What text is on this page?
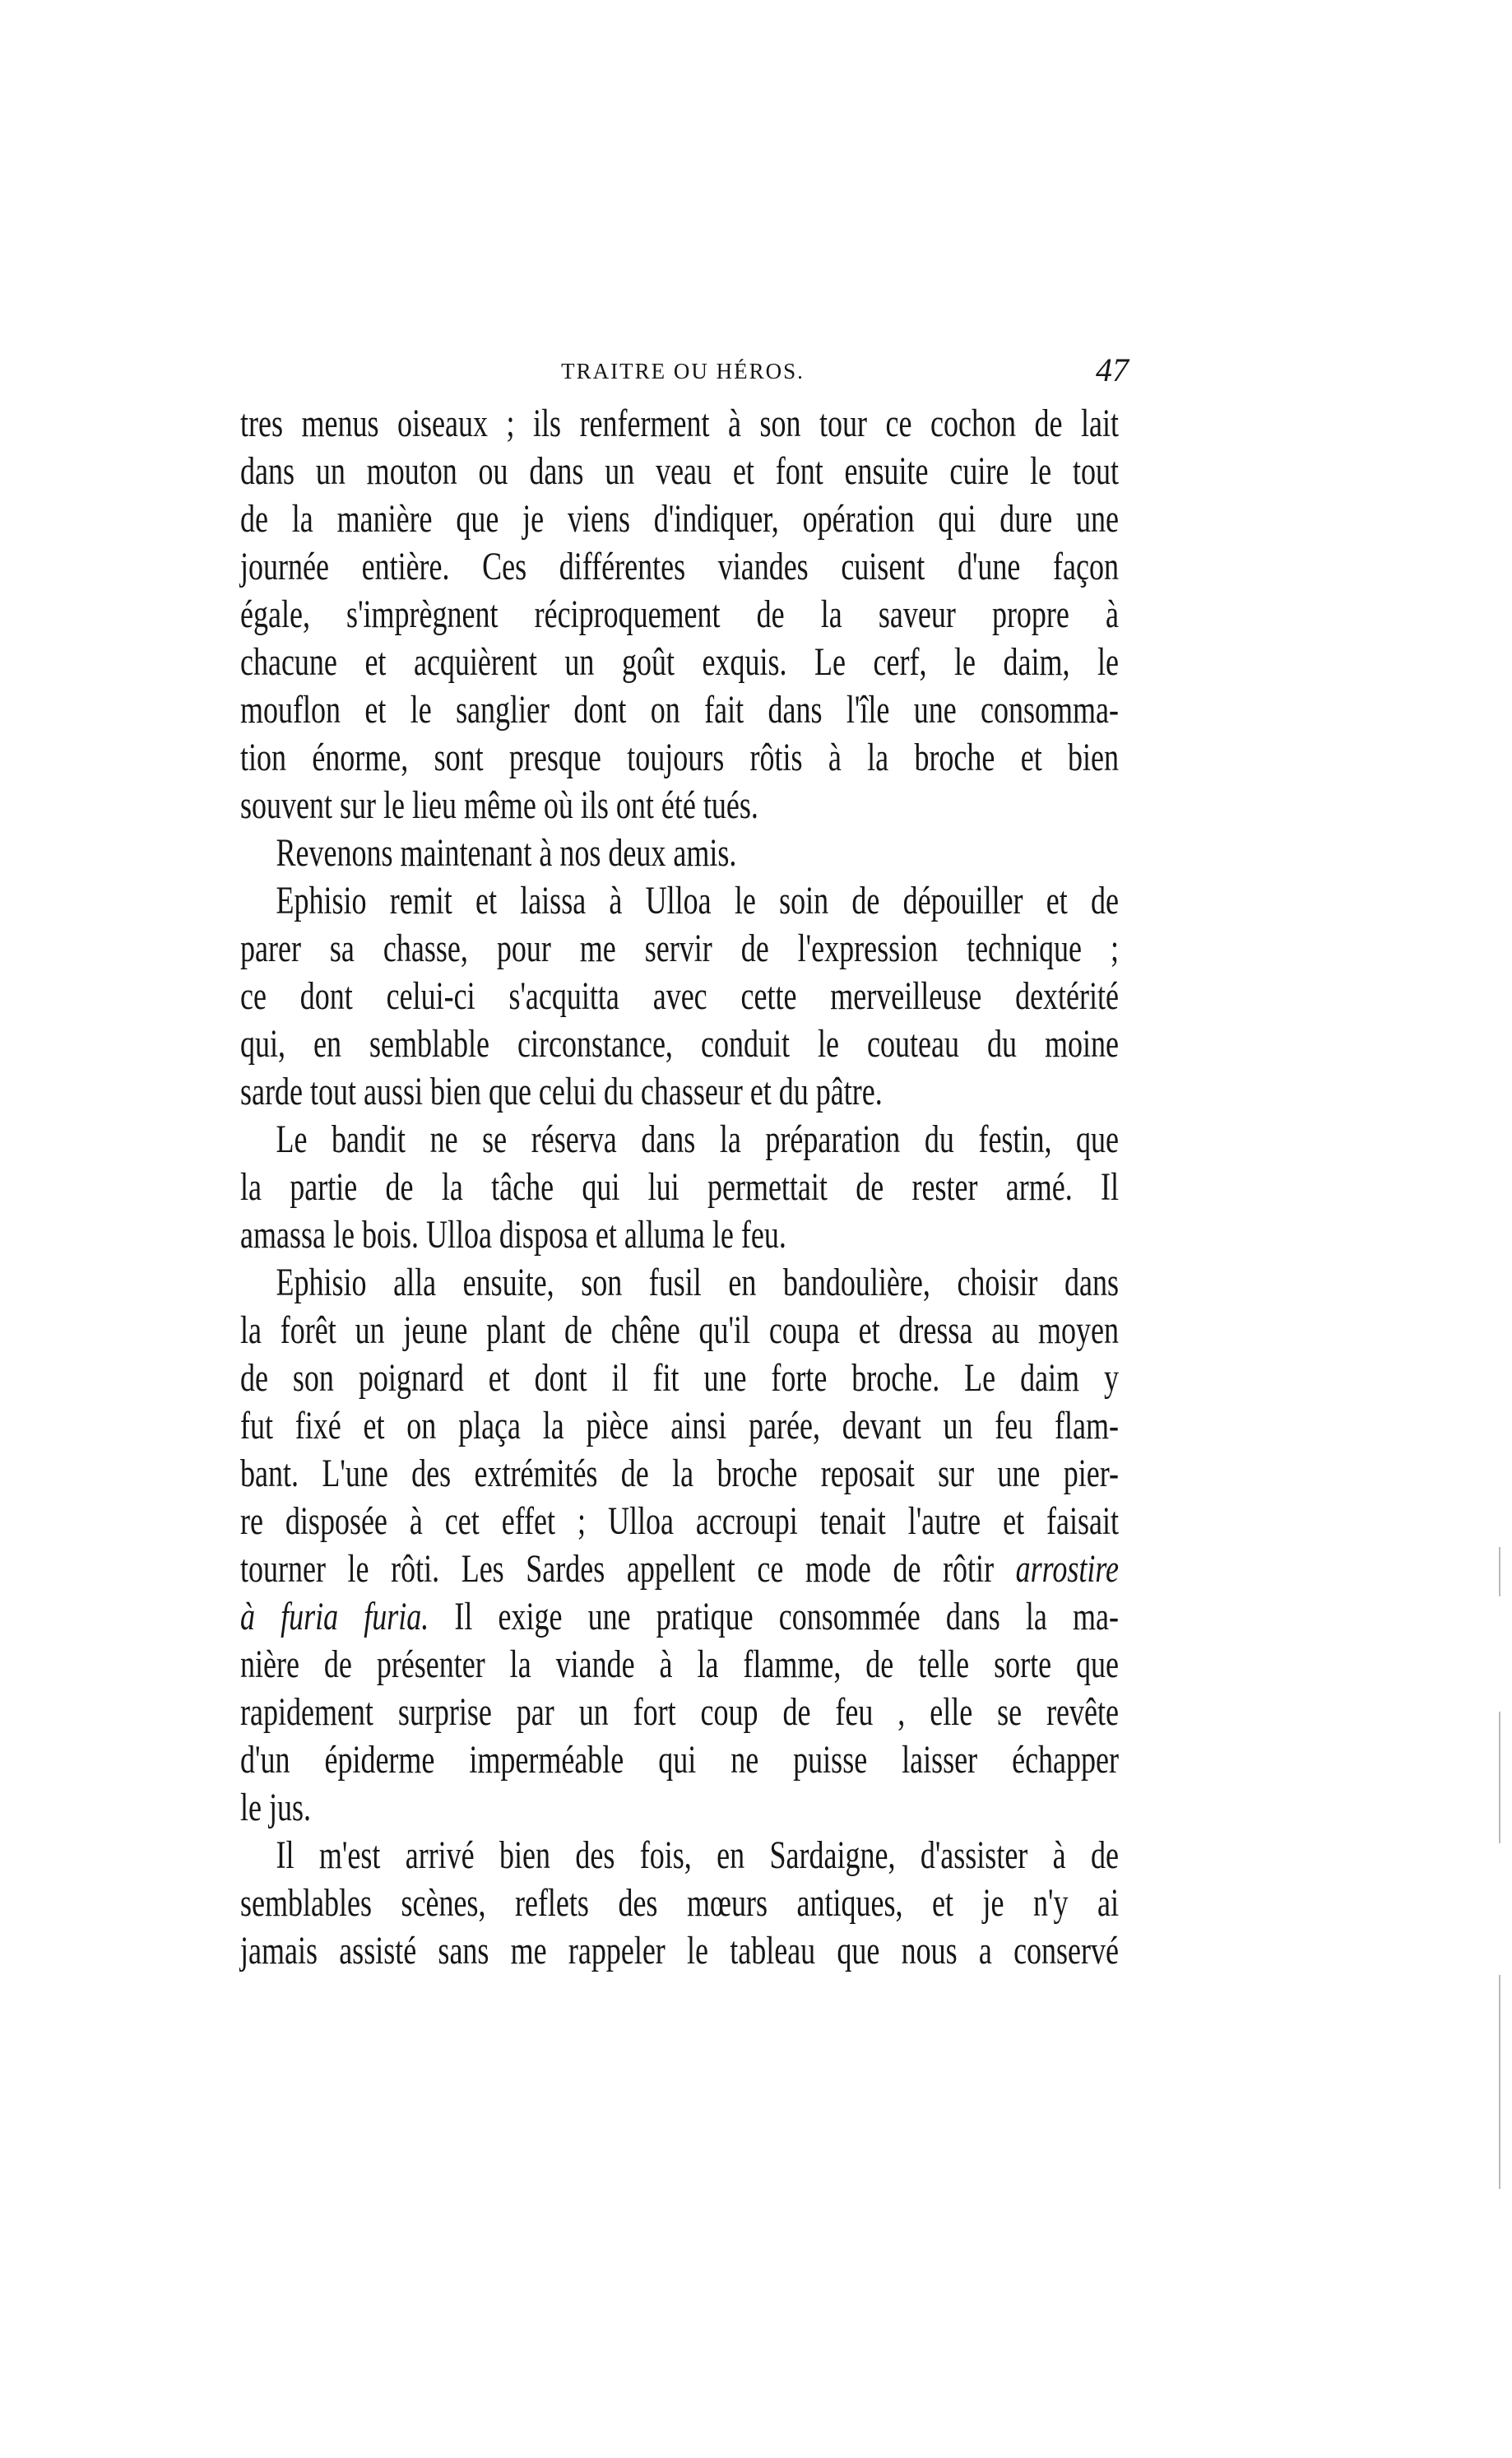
TRAITRE OU HÉROS.	47
tres menus oiseaux ; ils renferment à son tour ce cochon de lait
dans un mouton ou dans un veau et font ensuite cuire le tout
de la manière que je viens d'indiquer, opération qui dure une
journée entière. Ces différentes viandes cuisent d'une façon
égale, s'imprègnent réciproquement de la saveur propre à
chacune et acquièrent un goût exquis. Le cerf, le daim, le
mouflon et le sanglier dont on fait dans l'île une consomma-
tion énorme, sont presque toujours rôtis à la broche et bien
souvent sur le lieu même où ils ont été tués.
Revenons maintenant à nos deux amis.
Ephisio remit et laissa à Ulloa le soin de dépouiller et de
parer sa chasse, pour me servir de l'expression technique ;
ce dont celui-ci s'acquitta avec cette merveilleuse dextérité
qui, en semblable circonstance, conduit le couteau du moine
sarde tout aussi bien que celui du chasseur et du pâtre.
Le bandit ne se réserva dans la préparation du festin, que
la partie de la tâche qui lui permettait de rester armé. Il
amassa le bois. Ulloa disposa et alluma le feu.
Ephisio alla ensuite, son fusil en bandoulière, choisir dans
la forêt un jeune plant de chêne qu'il coupa et dressa au moyen
de son poignard et dont il fit une forte broche. Le daim y
fut fixé et on plaça la pièce ainsi parée, devant un feu flam-
bant. L'une des extrémités de la broche reposait sur une pier-
re disposée à cet effet ; Ulloa accroupi tenait l'autre et faisait
tourner le rôti. Les Sardes appellent ce mode de rôtir arrostire
à furia furia. Il exige une pratique consommée dans la ma-
nière de présenter la viande à la flamme, de telle sorte que
rapidement surprise par un fort coup de feu , elle se revête
d'un épiderme imperméable qui ne puisse laisser échapper
le jus.
Il m'est arrivé bien des fois, en Sardaigne, d'assister à de
semblables scènes, reflets des mœurs antiques, et je n'y ai
jamais assisté sans me rappeler le tableau que nous a conservé
